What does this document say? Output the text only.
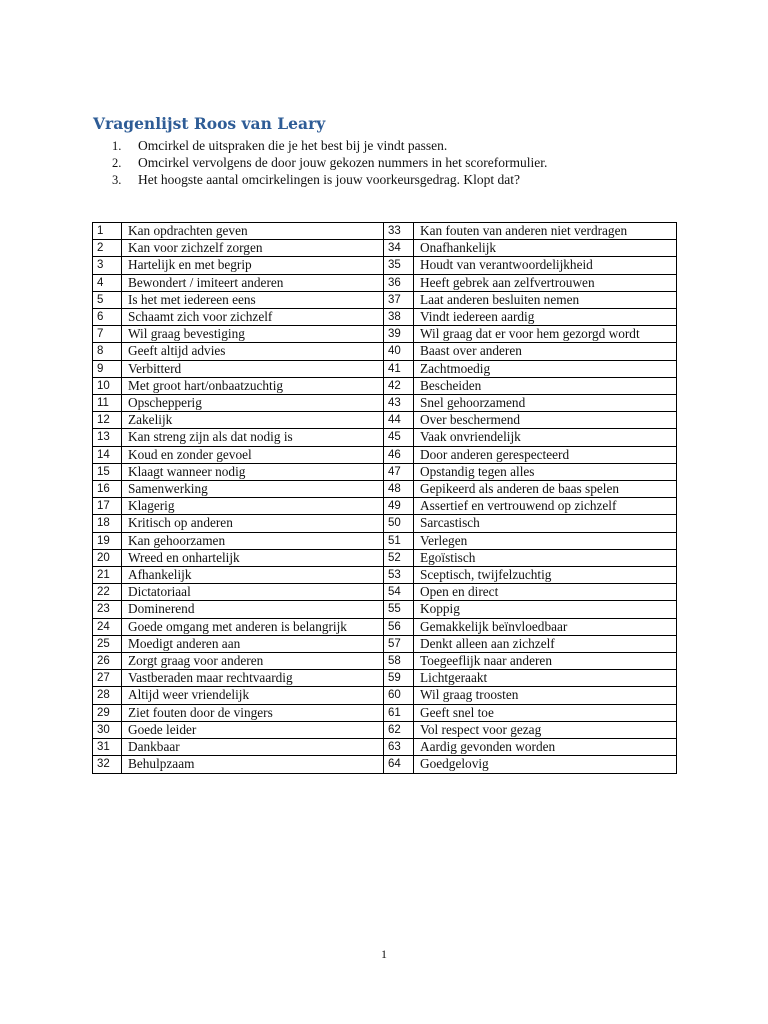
Vragenlijst Roos van Leary
1. Omcirkel de uitspraken die je het best bij je vindt passen.
2. Omcirkel vervolgens de door jouw gekozen nummers in het scoreformulier.
3. Het hoogste aantal omcirkelingen is jouw voorkeursgedrag. Klopt dat?
1	Kan opdrachten geven	33	Kan fouten van anderen niet verdragen
2	Kan voor zichzelf zorgen	34	Onafhankelijk
3	Hartelijk en met begrip	35	Houdt van verantwoordelijkheid
4	Bewondert / imiteert anderen	36	Heeft gebrek aan zelfvertrouwen
5	Is het met iedereen eens	37	Laat anderen besluiten nemen
6	Schaamt zich voor zichzelf	38	Vindt iedereen aardig
7	Wil graag bevestiging	39	Wil graag dat er voor hem gezorgd wordt
8	Geeft altijd advies	40	Baast over anderen
9	Verbitterd	41	Zachtmoedig
10	Met groot hart/onbaatzuchtig	42	Bescheiden
11	Opschepperig	43	Snel gehoorzamend
12	Zakelijk	44	Over beschermend
13	Kan streng zijn als dat nodig is	45	Vaak onvriendelijk
14	Koud en zonder gevoel	46	Door anderen gerespecteerd
15	Klaagt wanneer nodig	47	Opstandig tegen alles
16	Samenwerking	48	Gepikeerd als anderen de baas spelen
17	Klagerig	49	Assertief en vertrouwend op zichzelf
18	Kritisch op anderen	50	Sarcastisch
19	Kan gehoorzamen	51	Verlegen
20	Wreed en onhartelijk	52	Egoïstisch
21	Afhankelijk	53	Sceptisch, twijfelzuchtig
22	Dictatoriaal	54	Open en direct
23	Dominerend	55	Koppig
24	Goede omgang met anderen is belangrijk	56	Gemakkelijk beïnvloedbaar
25	Moedigt anderen aan	57	Denkt alleen aan zichzelf
26	Zorgt graag voor anderen	58	Toegeeflijk naar anderen
27	Vastberaden maar rechtvaardig	59	Lichtgeraakt
28	Altijd weer vriendelijk	60	Wil graag troosten
29	Ziet fouten door de vingers	61	Geeft snel toe
30	Goede leider	62	Vol respect voor gezag
31	Dankbaar	63	Aardig gevonden worden
32	Behulpzaam	64	Goedgelovig
1
